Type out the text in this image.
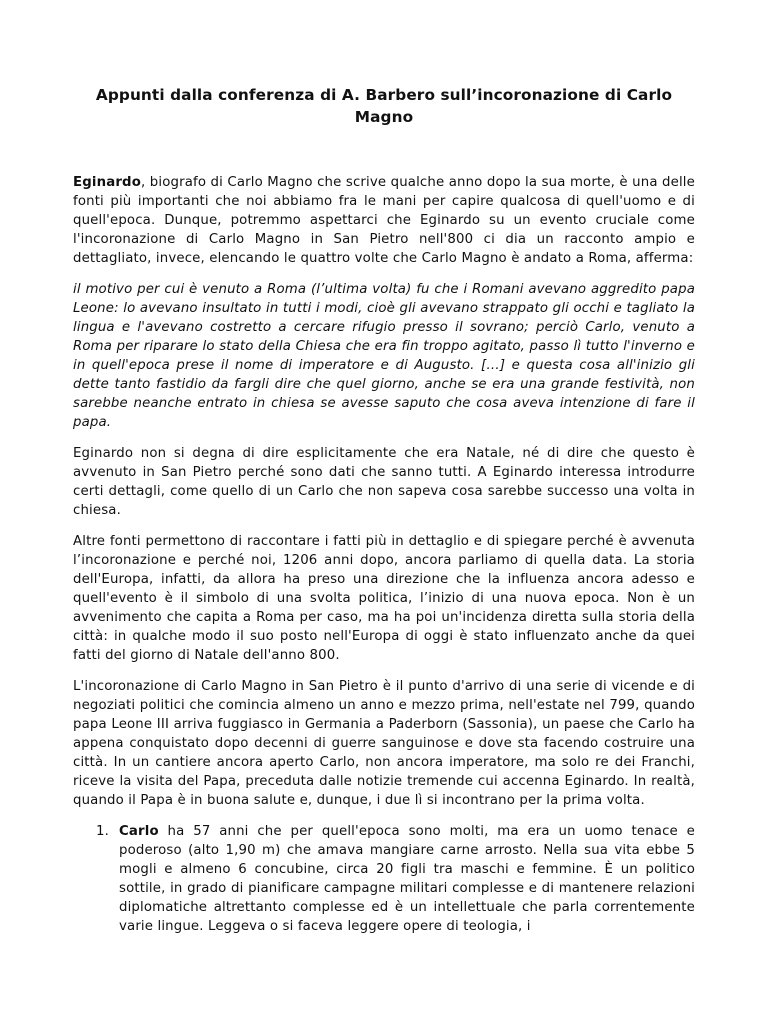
Appunti dalla conferenza di A. Barbero sull’incoronazione di Carlo Magno

Eginardo, biografo di Carlo Magno che scrive qualche anno dopo la sua morte, è una delle fonti più importanti che noi abbiamo fra le mani per capire qualcosa di quell'uomo e di quell'epoca. Dunque, potremmo aspettarci che Eginardo su un evento cruciale come l'incoronazione di Carlo Magno in San Pietro nell'800 ci dia un racconto ampio e dettagliato, invece, elencando le quattro volte che Carlo Magno è andato a Roma, afferma:

il motivo per cui è venuto a Roma (l’ultima volta) fu che i Romani avevano aggredito papa Leone: lo avevano insultato in tutti i modi, cioè gli avevano strappato gli occhi e tagliato la lingua e l'avevano costretto a cercare rifugio presso il sovrano; perciò Carlo, venuto a Roma per riparare lo stato della Chiesa che era fin troppo agitato, passo lì tutto l'inverno e in quell'epoca prese il nome di imperatore e di Augusto. […] e questa cosa all'inizio gli dette tanto fastidio da fargli dire che quel giorno, anche se era una grande festività, non sarebbe neanche entrato in chiesa se avesse saputo che cosa aveva intenzione di fare il papa.

Eginardo non si degna di dire esplicitamente che era Natale, né di dire che questo è avvenuto in San Pietro perché sono dati che sanno tutti. A Eginardo interessa introdurre certi dettagli, come quello di un Carlo che non sapeva cosa sarebbe successo una volta in chiesa.

Altre fonti permettono di raccontare i fatti più in dettaglio e di spiegare perché è avvenuta l’incoronazione e perché noi, 1206 anni dopo, ancora parliamo di quella data. La storia dell'Europa, infatti, da allora ha preso una direzione che la influenza ancora adesso e quell'evento è il simbolo di una svolta politica, l’inizio di una nuova epoca. Non è un avvenimento che capita a Roma per caso, ma ha poi un'incidenza diretta sulla storia della città: in qualche modo il suo posto nell'Europa di oggi è stato influenzato anche da quei fatti del giorno di Natale dell'anno 800.

L'incoronazione di Carlo Magno in San Pietro è il punto d'arrivo di una serie di vicende e di negoziati politici che comincia almeno un anno e mezzo prima, nell'estate nel 799, quando papa Leone III arriva fuggiasco in Germania a Paderborn (Sassonia), un paese che Carlo ha appena conquistato dopo decenni di guerre sanguinose e dove sta facendo costruire una città. In un cantiere ancora aperto Carlo, non ancora imperatore, ma solo re dei Franchi, riceve la visita del Papa, preceduta dalle notizie tremende cui accenna Eginardo. In realtà, quando il Papa è in buona salute e, dunque, i due lì si incontrano per la prima volta.

1. Carlo ha 57 anni che per quell'epoca sono molti, ma era un uomo tenace e poderoso (alto 1,90 m) che amava mangiare carne arrosto. Nella sua vita ebbe 5 mogli e almeno 6 concubine, circa 20 figli tra maschi e femmine. È un politico sottile, in grado di pianificare campagne militari complesse e di mantenere relazioni diplomatiche altrettanto complesse ed è un intellettuale che parla correntemente varie lingue. Leggeva o si faceva leggere opere di teologia, i
